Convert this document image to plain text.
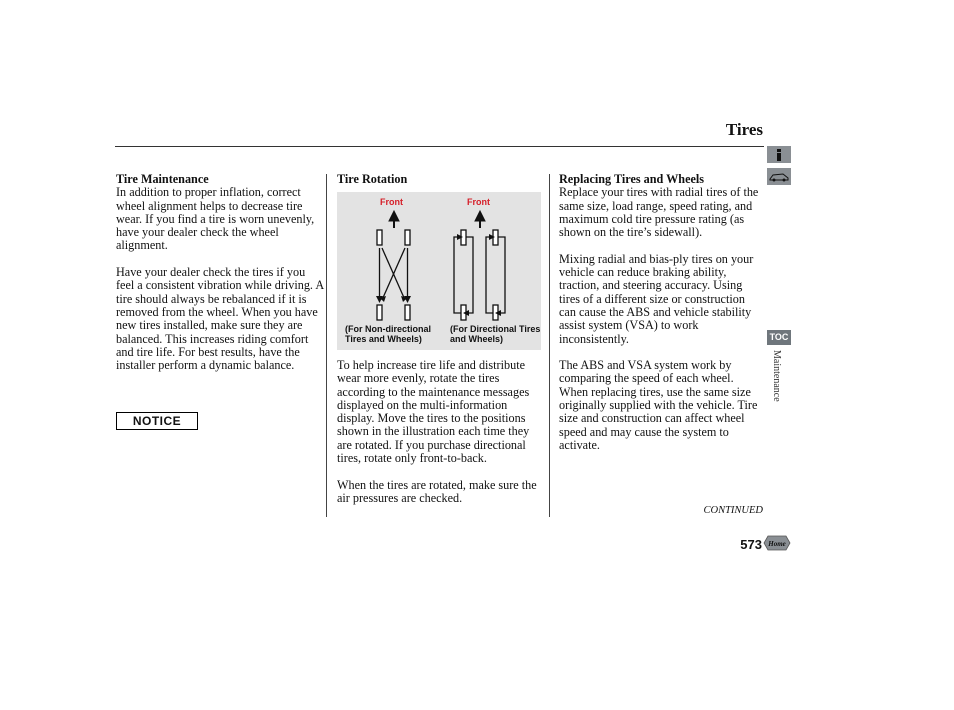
Tires
Tire Maintenance

In addition to proper inflation, correct wheel alignment helps to decrease tire wear. If you find a tire is worn unevenly, have your dealer check the wheel alignment.

Have your dealer check the tires if you feel a consistent vibration while driving. A tire should always be rebalanced if it is removed from the wheel. When you have new tires installed, make sure they are balanced. This increases riding comfort and tire life. For best results, have the installer perform a dynamic balance.

NOTICE
Tire Rotation
Front	Front
(For Non-directional Tires and Wheels)
(For Directional Tires and Wheels)

To help increase tire life and distribute wear more evenly, rotate the tires according to the maintenance messages displayed on the multi-information display. Move the tires to the positions shown in the illustration each time they are rotated. If you purchase directional tires, rotate only front-to-back.

When the tires are rotated, make sure the air pressures are checked.

Replacing Tires and Wheels

Replace your tires with radial tires of the same size, load range, speed rating, and maximum cold tire pressure rating (as shown on the tire’s sidewall).

Mixing radial and bias-ply tires on your vehicle can reduce braking ability, traction, and steering accuracy. Using tires of a different size or construction can cause the ABS and vehicle stability assist system (VSA) to work inconsistently.

The ABS and VSA system work by comparing the speed of each wheel. When replacing tires, use the same size originally supplied with the vehicle. Tire size and construction can affect wheel speed and may cause the system to activate.

TOC
Maintenance
CONTINUED
573 Home
